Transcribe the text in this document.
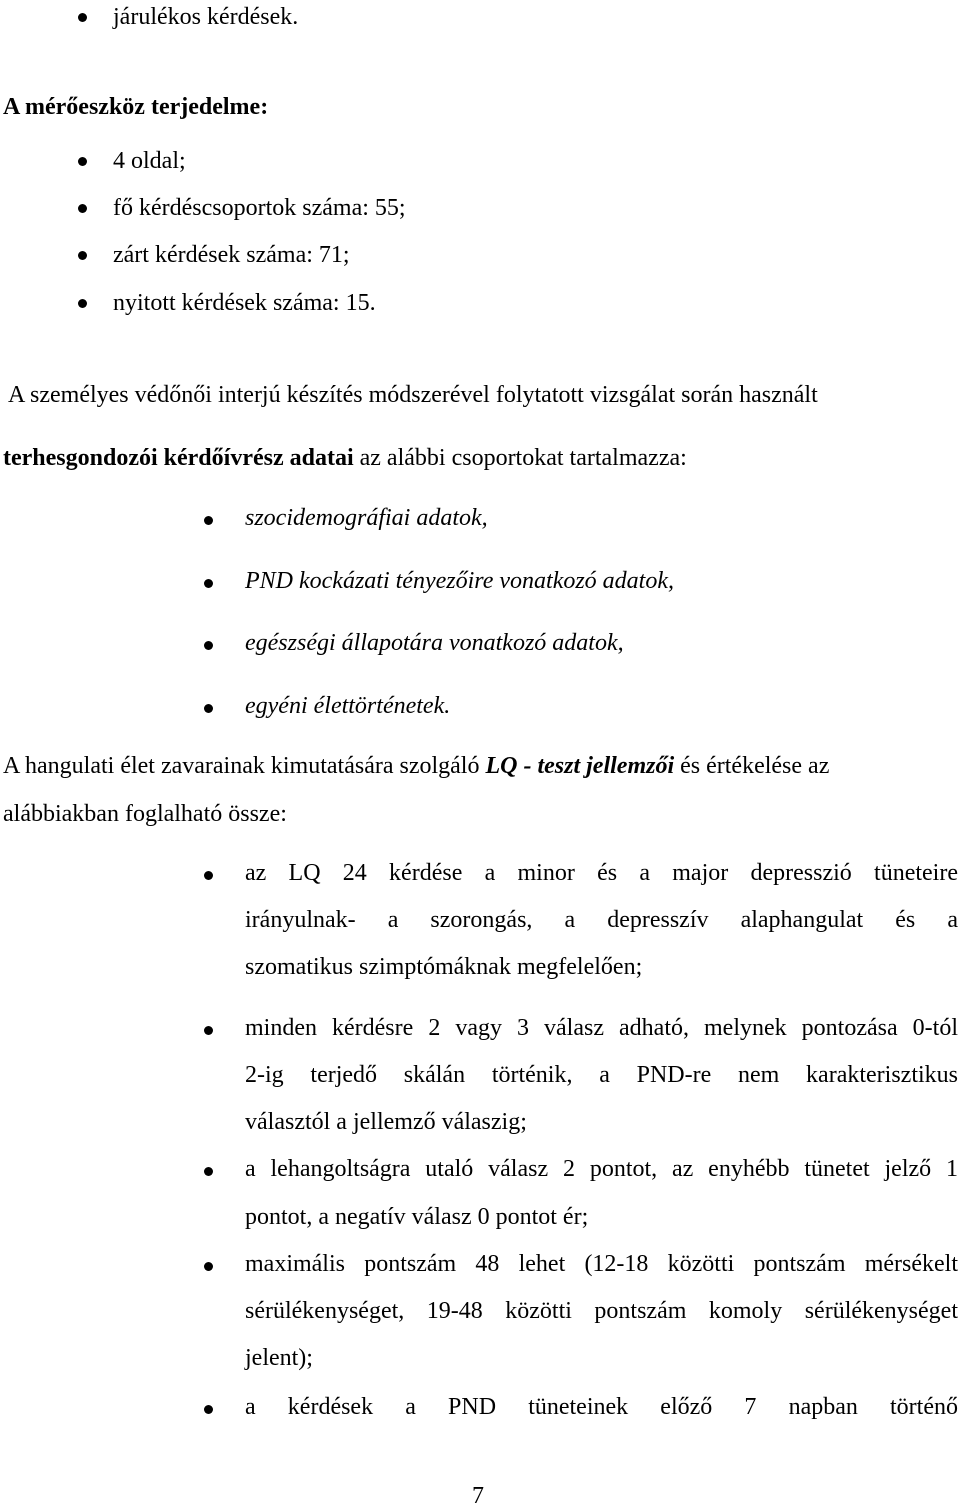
járulékos kérdések.
A mérőeszköz terjedelme:
4 oldal;
fő kérdéscsoportok száma: 55;
zárt kérdések száma: 71;
nyitott kérdések száma: 15.
A személyes védőnői interjú készítés módszerével folytatott vizsgálat során használt
terhesgondozói kérdőívrész adatai az alábbi csoportokat tartalmazza:
szocidemográfiai adatok,
PND kockázati tényezőire vonatkozó adatok,
egészségi állapotára vonatkozó adatok,
egyéni élettörténetek.
A hangulati élet zavarainak kimutatására szolgáló LQ - teszt jellemzői és értékelése az
alábbiakban foglalható össze:
az LQ 24 kérdése a minor és a major depresszió tüneteire
irányulnak- a szorongás, a depresszív alaphangulat és a
szomatikus szimptómáknak megfelelően;
minden kérdésre 2 vagy 3 válasz adható, melynek pontozása 0-tól
2-ig terjedő skálán történik, a PND-re nem karakterisztikus
választól a jellemző válaszig;
a lehangoltságra utaló válasz 2 pontot, az enyhébb tünetet jelző 1
pontot, a negatív válasz 0 pontot ér;
maximális pontszám 48 lehet (12-18 közötti pontszám mérsékelt
sérülékenységet, 19-48 közötti pontszám komoly sérülékenységet
jelent);
a kérdések a PND tüneteinek előző 7 napban történő
7
